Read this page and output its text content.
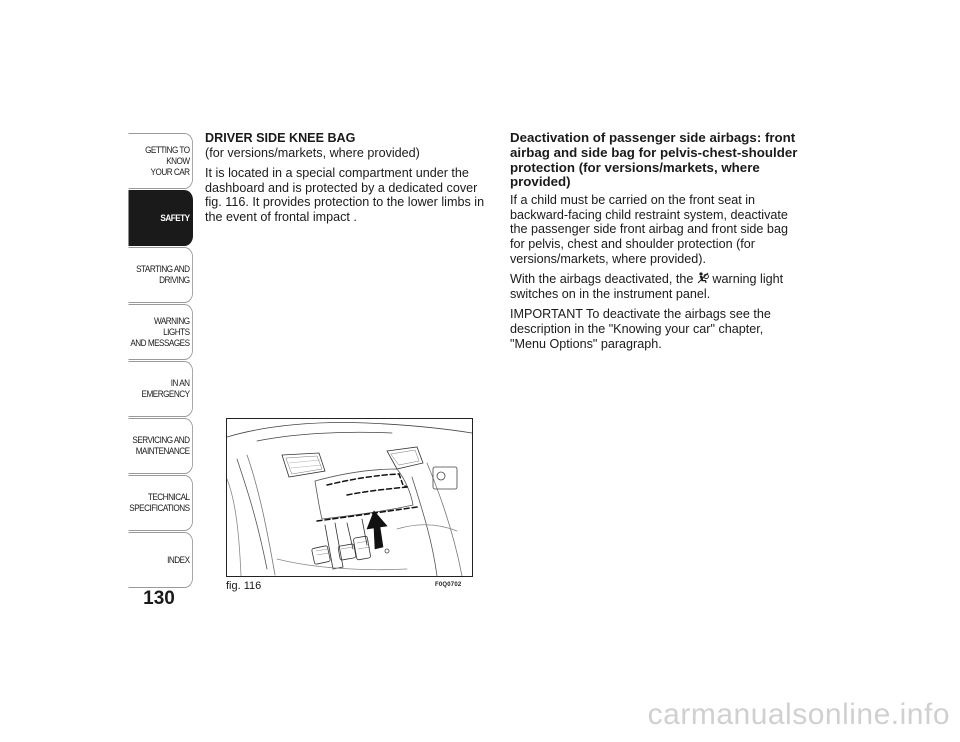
GETTING TO KNOW
YOUR CAR
SAFETY
STARTING AND
DRIVING
WARNING LIGHTS
AND MESSAGES
IN AN EMERGENCY
SERVICING AND
MAINTENANCE
TECHNICAL
SPECIFICATIONS
INDEX
130

DRIVER SIDE KNEE BAG

(for versions/markets, where provided)

It is located in a special compartment under the dashboard and is protected by a dedicated cover fig. 116. It provides protection to the lower limbs in the event of frontal impact .

Deactivation of passenger side airbags: front airbag and side bag for pelvis-chest-shoulder protection (for versions/markets, where provided)

If a child must be carried on the front seat in backward-facing child restraint system, deactivate the passenger side front airbag and front side bag for pelvis, chest and shoulder protection (for versions/markets, where provided).

With the airbags deactivated, the warning light switches on in the instrument panel.

IMPORTANT To deactivate the airbags see the description in the "Knowing your car" chapter, "Menu Options" paragraph.

fig. 116	F0Q0702
carmanualsonline.info
